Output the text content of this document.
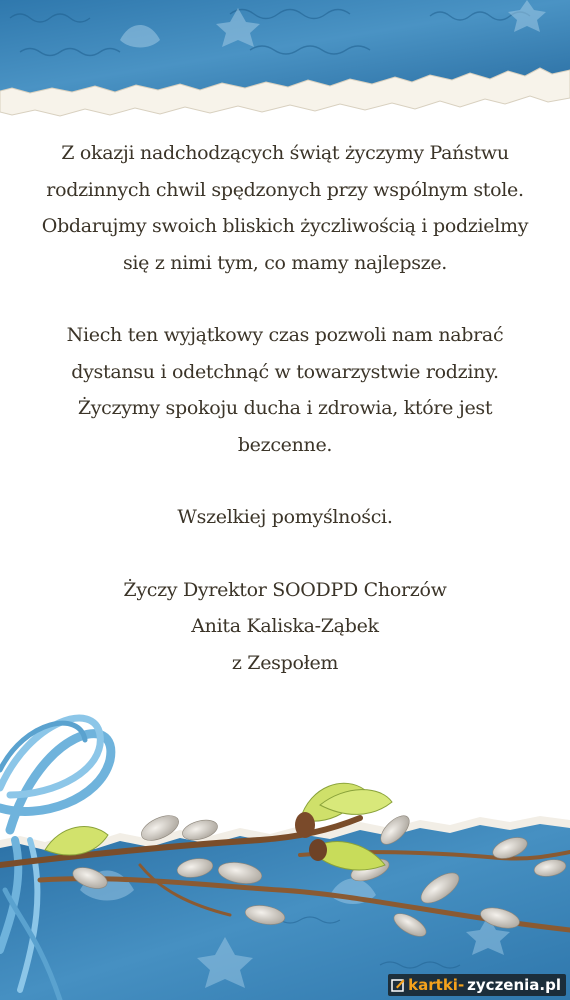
Z okazji nadchodzących świąt życzymy Państwu

rodzinnych chwil spędzonych przy wspólnym stole.

Obdarujmy swoich bliskich życzliwością i podzielmy

się z nimi tym, co mamy najlepsze.

Niech ten wyjątkowy czas pozwoli nam nabrać

dystansu i odetchnąć w towarzystwie rodziny.

Życzymy spokoju ducha i zdrowia, które jest

bezcenne.

Wszelkiej pomyślności.

Życzy Dyrektor SOODPD Chorzów

Anita Kaliska-Ząbek

z Zespołem

kartki- zyczenia.pl
